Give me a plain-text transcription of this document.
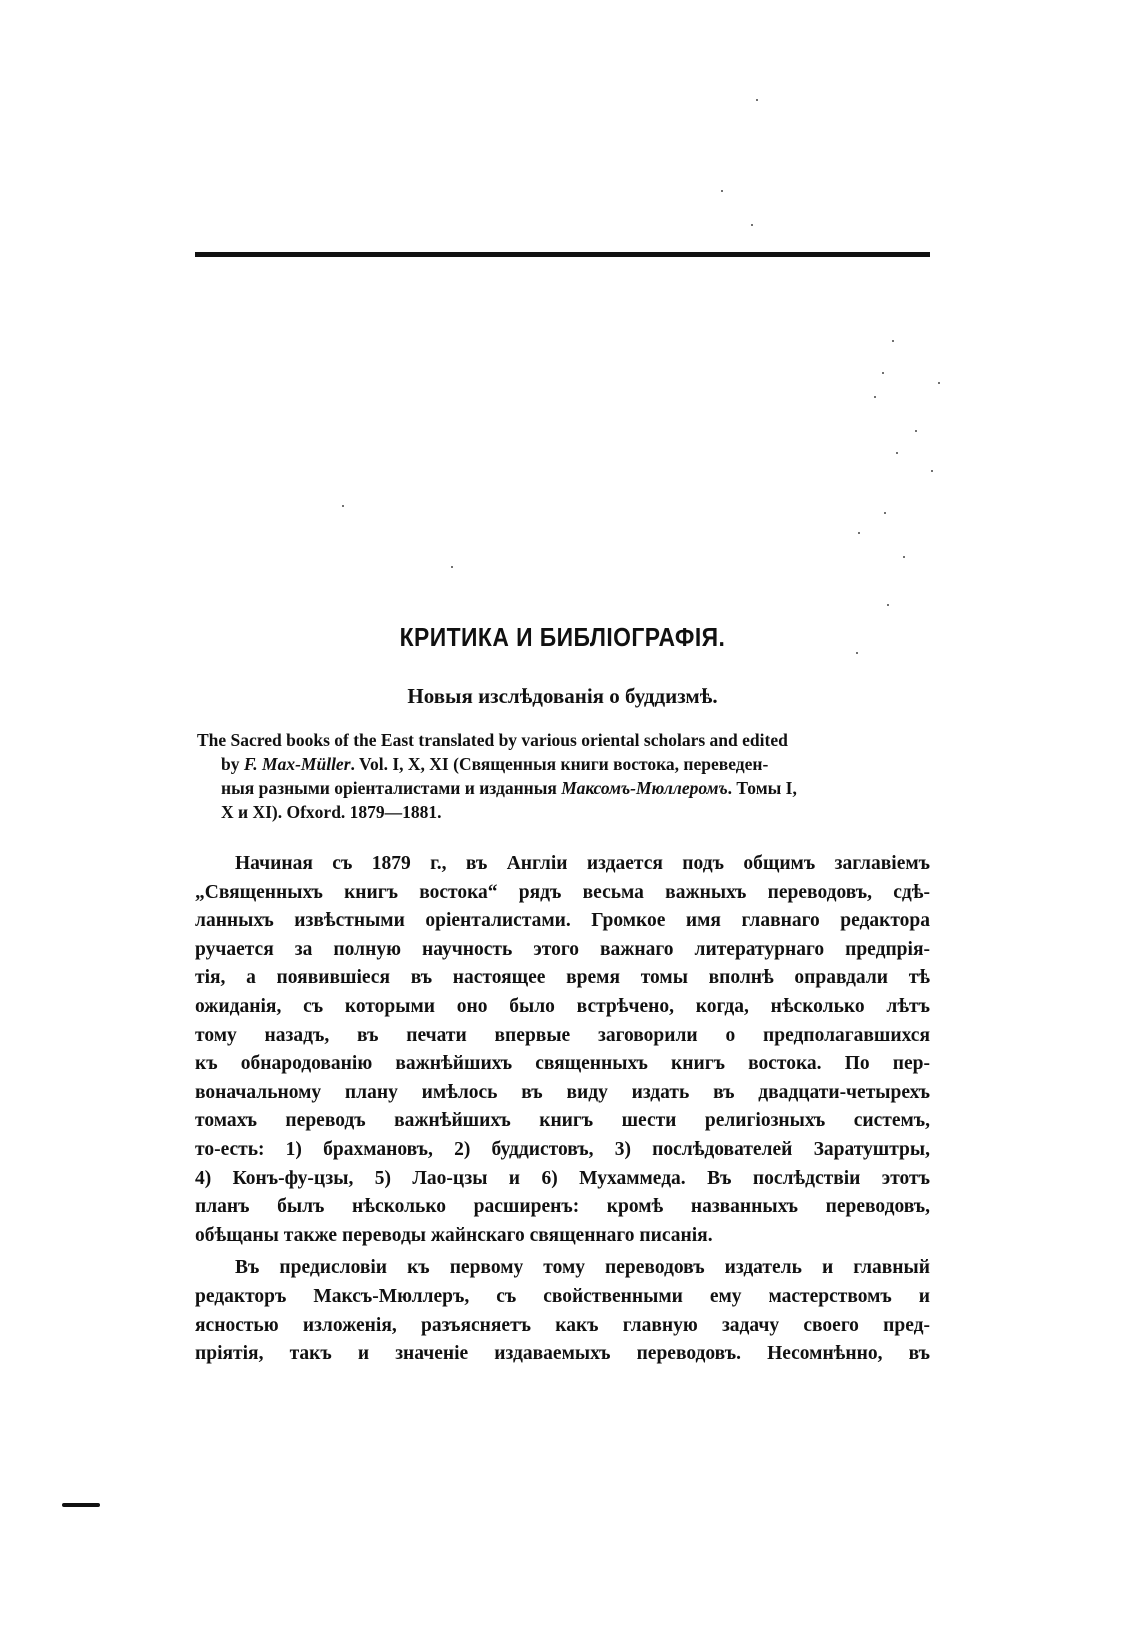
КРИТИКА И БИБЛІОГРАФІЯ.
Новыя изслѣдованія о буддизмѣ.
The Sacred books of the East translated by various oriental scholars and edited
by F. Max-Müller. Vol. I, X, XI (Священныя книги востока, переведен-
ныя разными оріенталистами и изданныя Максомъ-Мюллеромъ. Томы I,
X и XI). Ofxord. 1879—1881.
Начиная съ 1879 г., въ Англіи издается подъ общимъ заглавіемъ
„Священныхъ книгъ востока“ рядъ весьма важныхъ переводовъ, сдѣ-
ланныхъ извѣстными оріенталистами. Громкое имя главнаго редактора
ручается за полную научность этого важнаго литературнаго предпрія-
тія, а появившіеся въ настоящее время томы вполнѣ оправдали тѣ
ожиданія, съ которыми оно было встрѣчено, когда, нѣсколько лѣтъ
тому назадъ, въ печати впервые заговорили о предполагавшихся
къ обнародованію важнѣйшихъ священныхъ книгъ востока. По пер-
воначальному плану имѣлось въ виду издать въ двадцати-четырехъ
томахъ переводъ важнѣйшихъ книгъ шести религіозныхъ системъ,
то-есть: 1) брахмановъ, 2) буддистовъ, 3) послѣдователей Заратуштры,
4) Конъ-фу-цзы, 5) Лао-цзы и 6) Мухаммеда. Въ послѣдствіи этотъ
планъ былъ нѣсколько расширенъ: кромѣ названныхъ переводовъ,
обѣщаны также переводы жайнскаго священнаго писанія.
Въ предисловіи къ первому тому переводовъ издатель и главный
редакторъ Максъ-Мюллеръ, съ свойственными ему мастерствомъ и
ясностью изложенія, разъясняетъ какъ главную задачу своего пред-
пріятія, такъ и значеніе издаваемыхъ переводовъ. Несомнѣнно, въ
